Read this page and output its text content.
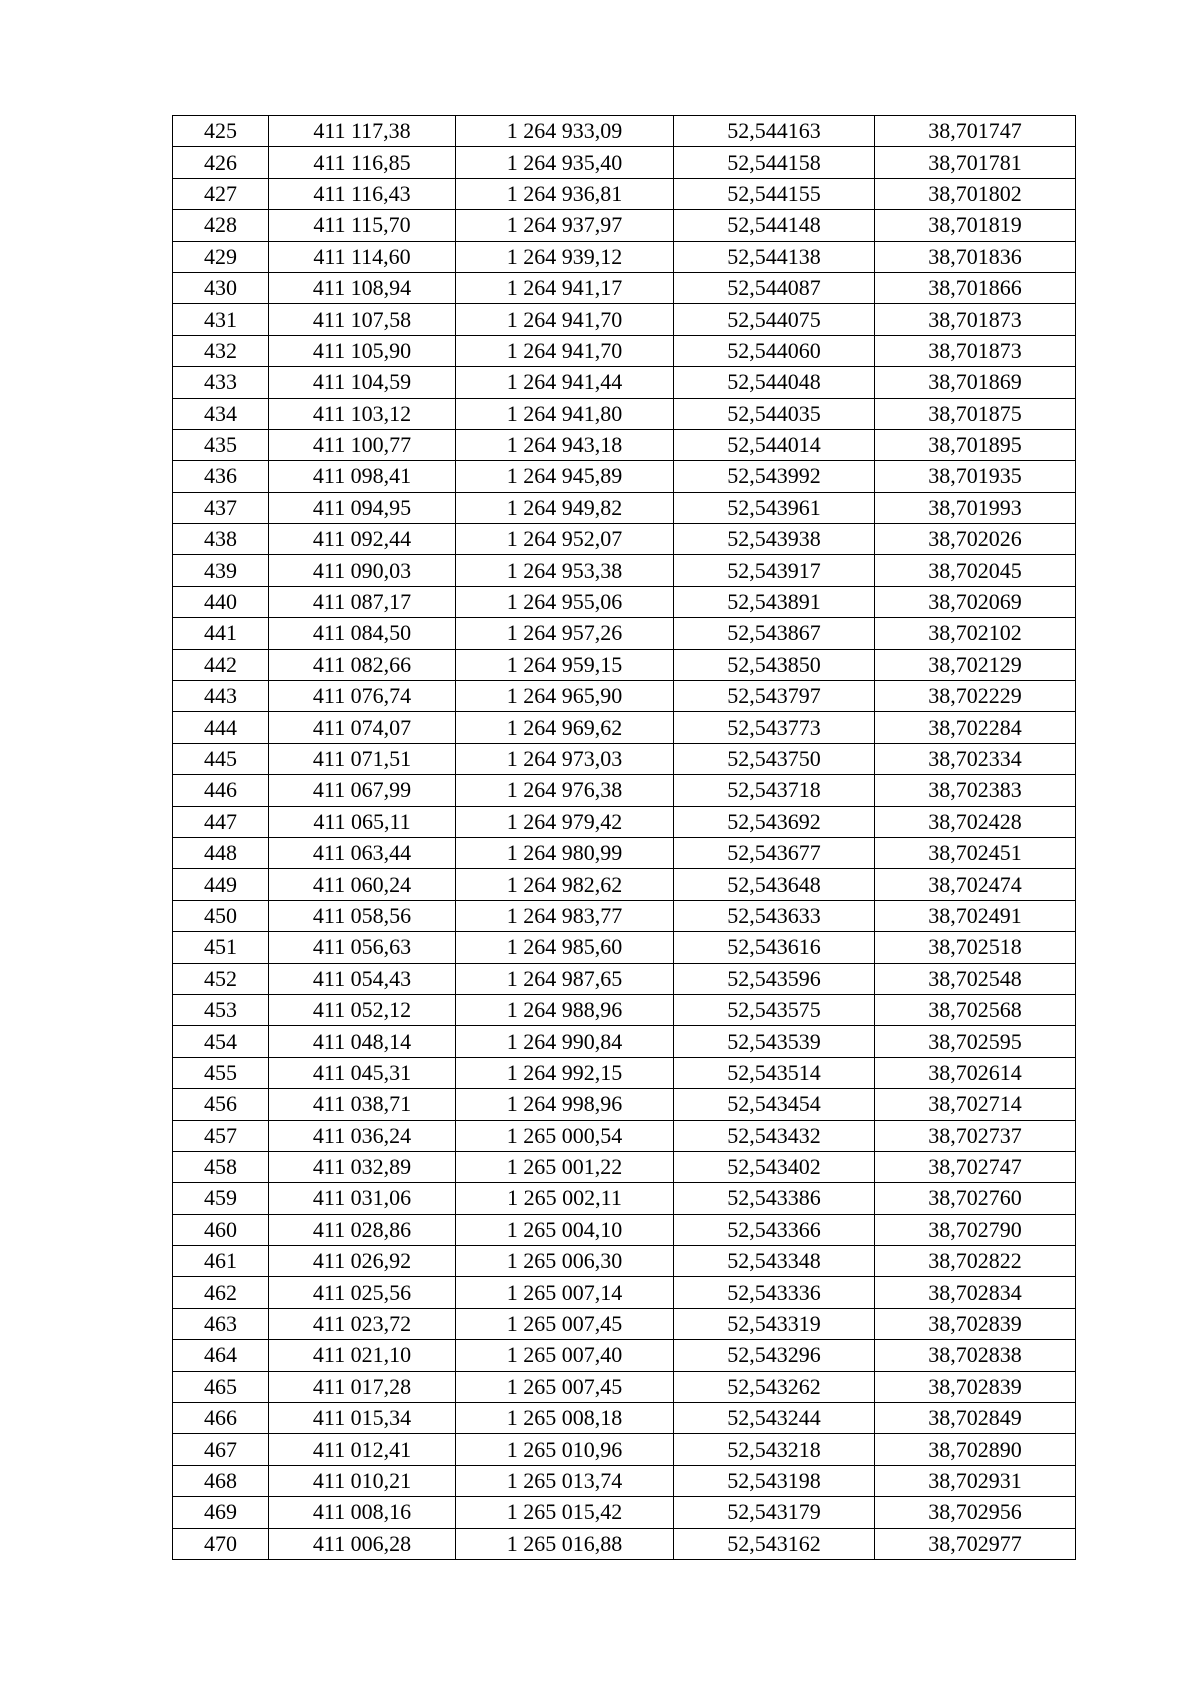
425	411 117,38	1 264 933,09	52,544163	38,701747
426	411 116,85	1 264 935,40	52,544158	38,701781
427	411 116,43	1 264 936,81	52,544155	38,701802
428	411 115,70	1 264 937,97	52,544148	38,701819
429	411 114,60	1 264 939,12	52,544138	38,701836
430	411 108,94	1 264 941,17	52,544087	38,701866
431	411 107,58	1 264 941,70	52,544075	38,701873
432	411 105,90	1 264 941,70	52,544060	38,701873
433	411 104,59	1 264 941,44	52,544048	38,701869
434	411 103,12	1 264 941,80	52,544035	38,701875
435	411 100,77	1 264 943,18	52,544014	38,701895
436	411 098,41	1 264 945,89	52,543992	38,701935
437	411 094,95	1 264 949,82	52,543961	38,701993
438	411 092,44	1 264 952,07	52,543938	38,702026
439	411 090,03	1 264 953,38	52,543917	38,702045
440	411 087,17	1 264 955,06	52,543891	38,702069
441	411 084,50	1 264 957,26	52,543867	38,702102
442	411 082,66	1 264 959,15	52,543850	38,702129
443	411 076,74	1 264 965,90	52,543797	38,702229
444	411 074,07	1 264 969,62	52,543773	38,702284
445	411 071,51	1 264 973,03	52,543750	38,702334
446	411 067,99	1 264 976,38	52,543718	38,702383
447	411 065,11	1 264 979,42	52,543692	38,702428
448	411 063,44	1 264 980,99	52,543677	38,702451
449	411 060,24	1 264 982,62	52,543648	38,702474
450	411 058,56	1 264 983,77	52,543633	38,702491
451	411 056,63	1 264 985,60	52,543616	38,702518
452	411 054,43	1 264 987,65	52,543596	38,702548
453	411 052,12	1 264 988,96	52,543575	38,702568
454	411 048,14	1 264 990,84	52,543539	38,702595
455	411 045,31	1 264 992,15	52,543514	38,702614
456	411 038,71	1 264 998,96	52,543454	38,702714
457	411 036,24	1 265 000,54	52,543432	38,702737
458	411 032,89	1 265 001,22	52,543402	38,702747
459	411 031,06	1 265 002,11	52,543386	38,702760
460	411 028,86	1 265 004,10	52,543366	38,702790
461	411 026,92	1 265 006,30	52,543348	38,702822
462	411 025,56	1 265 007,14	52,543336	38,702834
463	411 023,72	1 265 007,45	52,543319	38,702839
464	411 021,10	1 265 007,40	52,543296	38,702838
465	411 017,28	1 265 007,45	52,543262	38,702839
466	411 015,34	1 265 008,18	52,543244	38,702849
467	411 012,41	1 265 010,96	52,543218	38,702890
468	411 010,21	1 265 013,74	52,543198	38,702931
469	411 008,16	1 265 015,42	52,543179	38,702956
470	411 006,28	1 265 016,88	52,543162	38,702977
